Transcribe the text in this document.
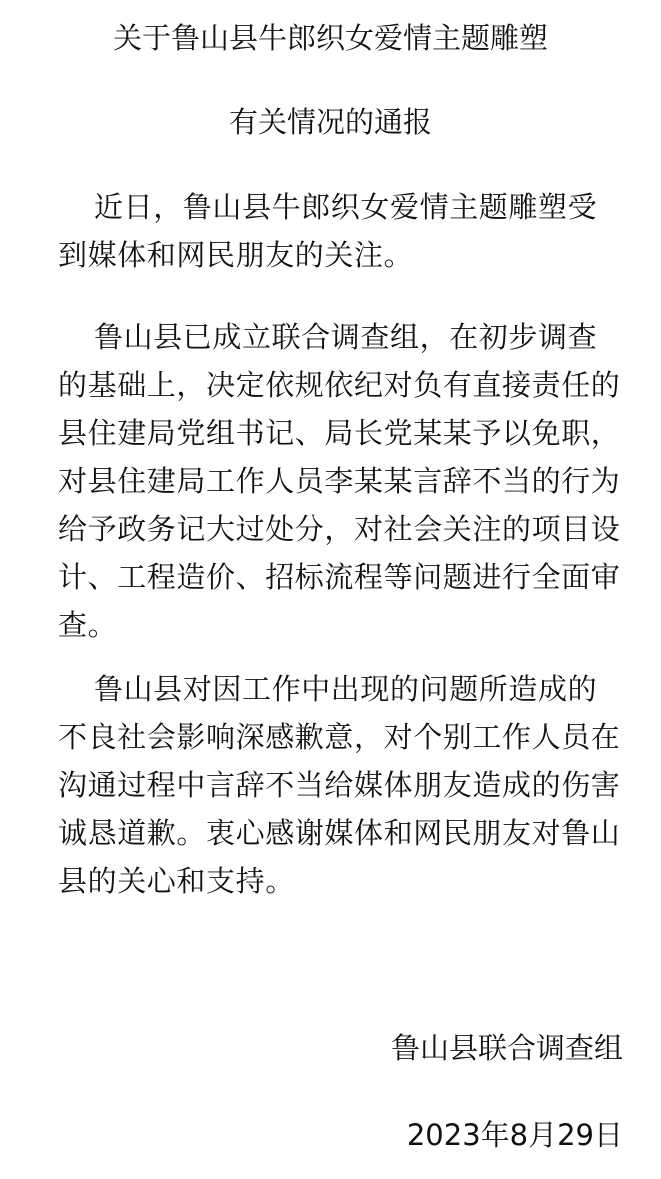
关于鲁山县牛郎织女爱情主题雕塑
有关情况的通报
近日，鲁山县牛郎织女爱情主题雕塑受
到媒体和网民朋友的关注。
鲁山县已成立联合调查组，在初步调查
的基础上，决定依规依纪对负有直接责任的
县住建局党组书记、局长党某某予以免职，
对县住建局工作人员李某某言辞不当的行为
给予政务记大过处分，对社会关注的项目设
计、工程造价、招标流程等问题进行全面审
查。
鲁山县对因工作中出现的问题所造成的
不良社会影响深感歉意，对个别工作人员在
沟通过程中言辞不当给媒体朋友造成的伤害
诚恳道歉。衷心感谢媒体和网民朋友对鲁山
县的关心和支持。
鲁山县联合调查组
2023年8月29日
